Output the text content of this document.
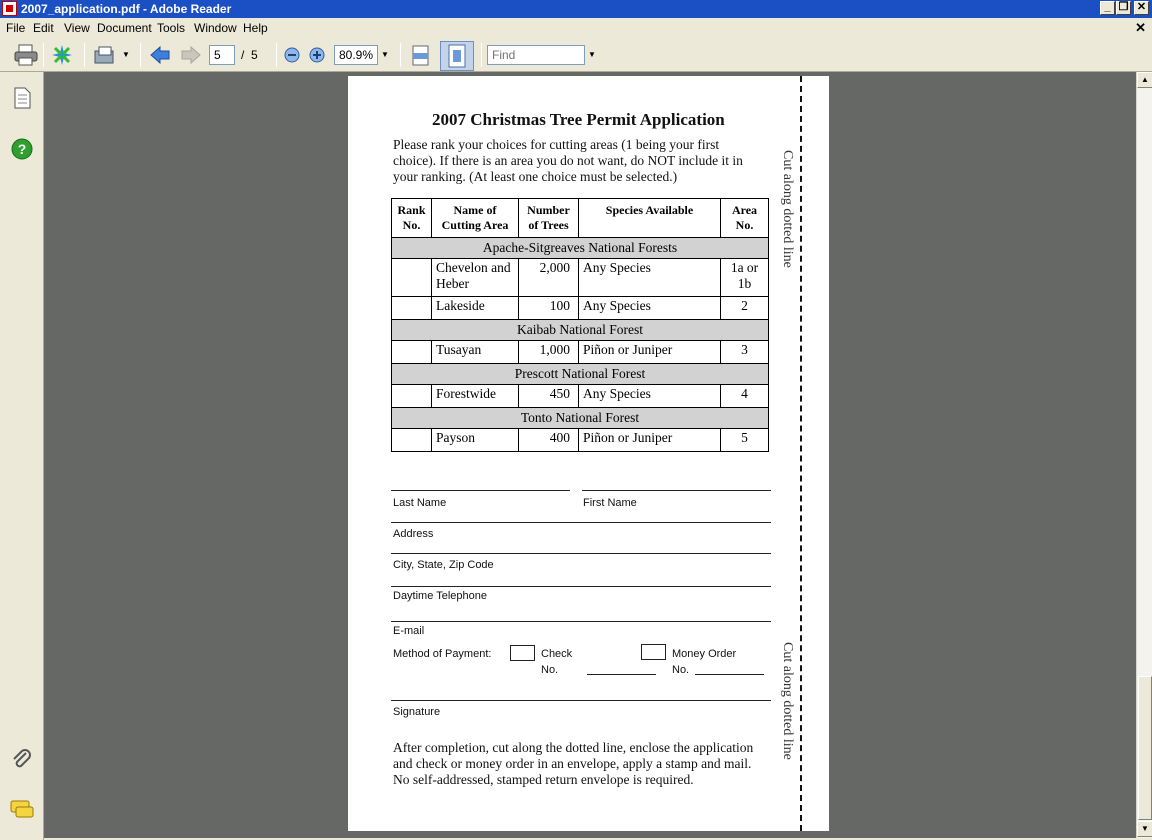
2007_application.pdf - Adobe Reader	_ ❐ ✕
File Edit View Document Tools Window Help	✕
▼	5	/ 5	80.9% ▼
Find	▼
?
2007 Christmas Tree Permit Application
Please rank your choices for cutting areas (1 being your first choice). If there is an area you do not want, do NOT include it in your ranking. (At least one choice must be selected.)	Cut along dotted line
Cut along dotted line
Rank No.	Name of Cutting Area	Number of Trees	Species Available	Area No.
Apache-Sitgreaves National Forests				
	Chevelon and Heber	2,000	Any Species	1a or 1b
	Lakeside	100	Any Species	2
Kaibab National Forest				
	Tusayan	1,000	Piñon or Juniper	3
Prescott National Forest				
	Forestwide	450	Any Species	4
Tonto National Forest				
	Payson	400	Piñon or Juniper	5
Last Name	First Name
Address
City, State, Zip Code
Daytime Telephone
E-mail
Method of Payment:	Check
No.
Money Order
No.
Signature
After completion, cut along the dotted line, enclose the application and check or money order in an envelope, apply a stamp and mail. No self-addressed, stamped return envelope is required.
▲
▼
